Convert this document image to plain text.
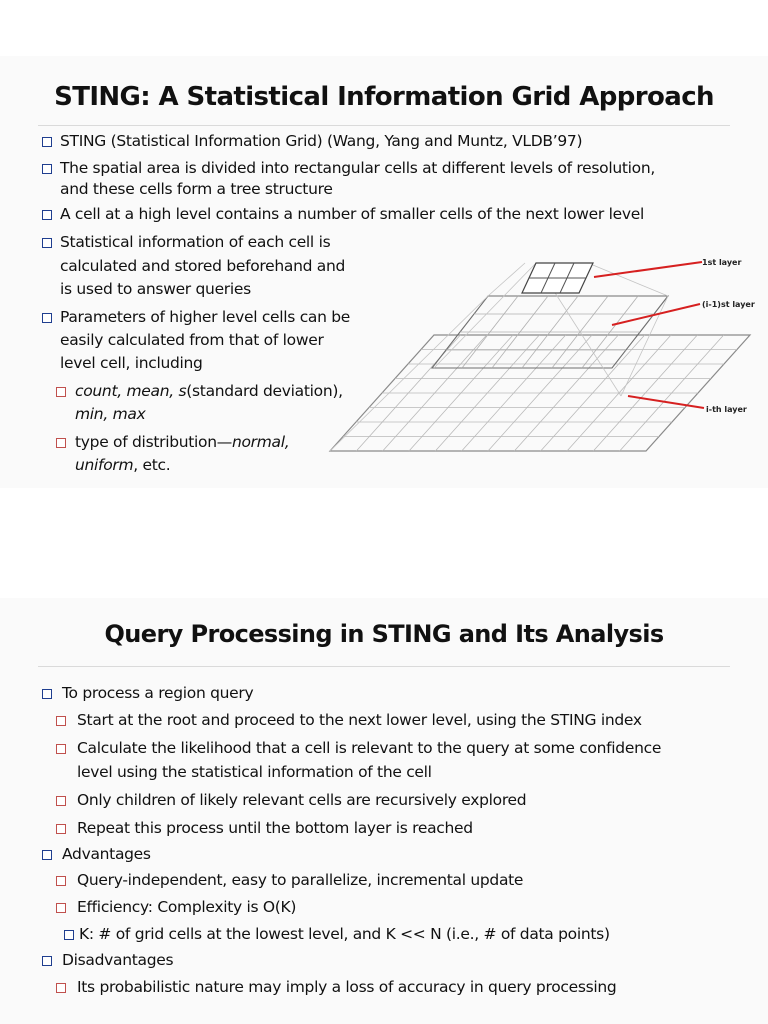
STING: A Statistical Information Grid Approach
1st layer
(i-1)st layer
i-th layer
STING (Statistical Information Grid) (Wang, Yang and Muntz, VLDB’97)
The spatial area is divided into rectangular cells at different levels of resolution,
and these cells form a tree structure
A cell at a high level contains a number of smaller cells of the next lower level
Statistical information of each cell is
calculated and stored beforehand and
is used to answer queries
Parameters of higher level cells can be
easily calculated from that of lower
level cell, including
count, mean, s(standard deviation),
min, max
type of distribution—normal,
uniform, etc.
Query Processing in STING and Its Analysis
To process a region query
Start at the root and proceed to the next lower level, using the STING index
Calculate the likelihood that a cell is relevant to the query at some confidence
level using the statistical information of the cell
Only children of likely relevant cells are recursively explored
Repeat this process until the bottom layer is reached
Advantages
Query-independent, easy to parallelize, incremental update
Efficiency: Complexity is O(K)
K: # of grid cells at the lowest level, and K << N (i.e., # of data points)
Disadvantages
Its probabilistic nature may imply a loss of accuracy in query processing
